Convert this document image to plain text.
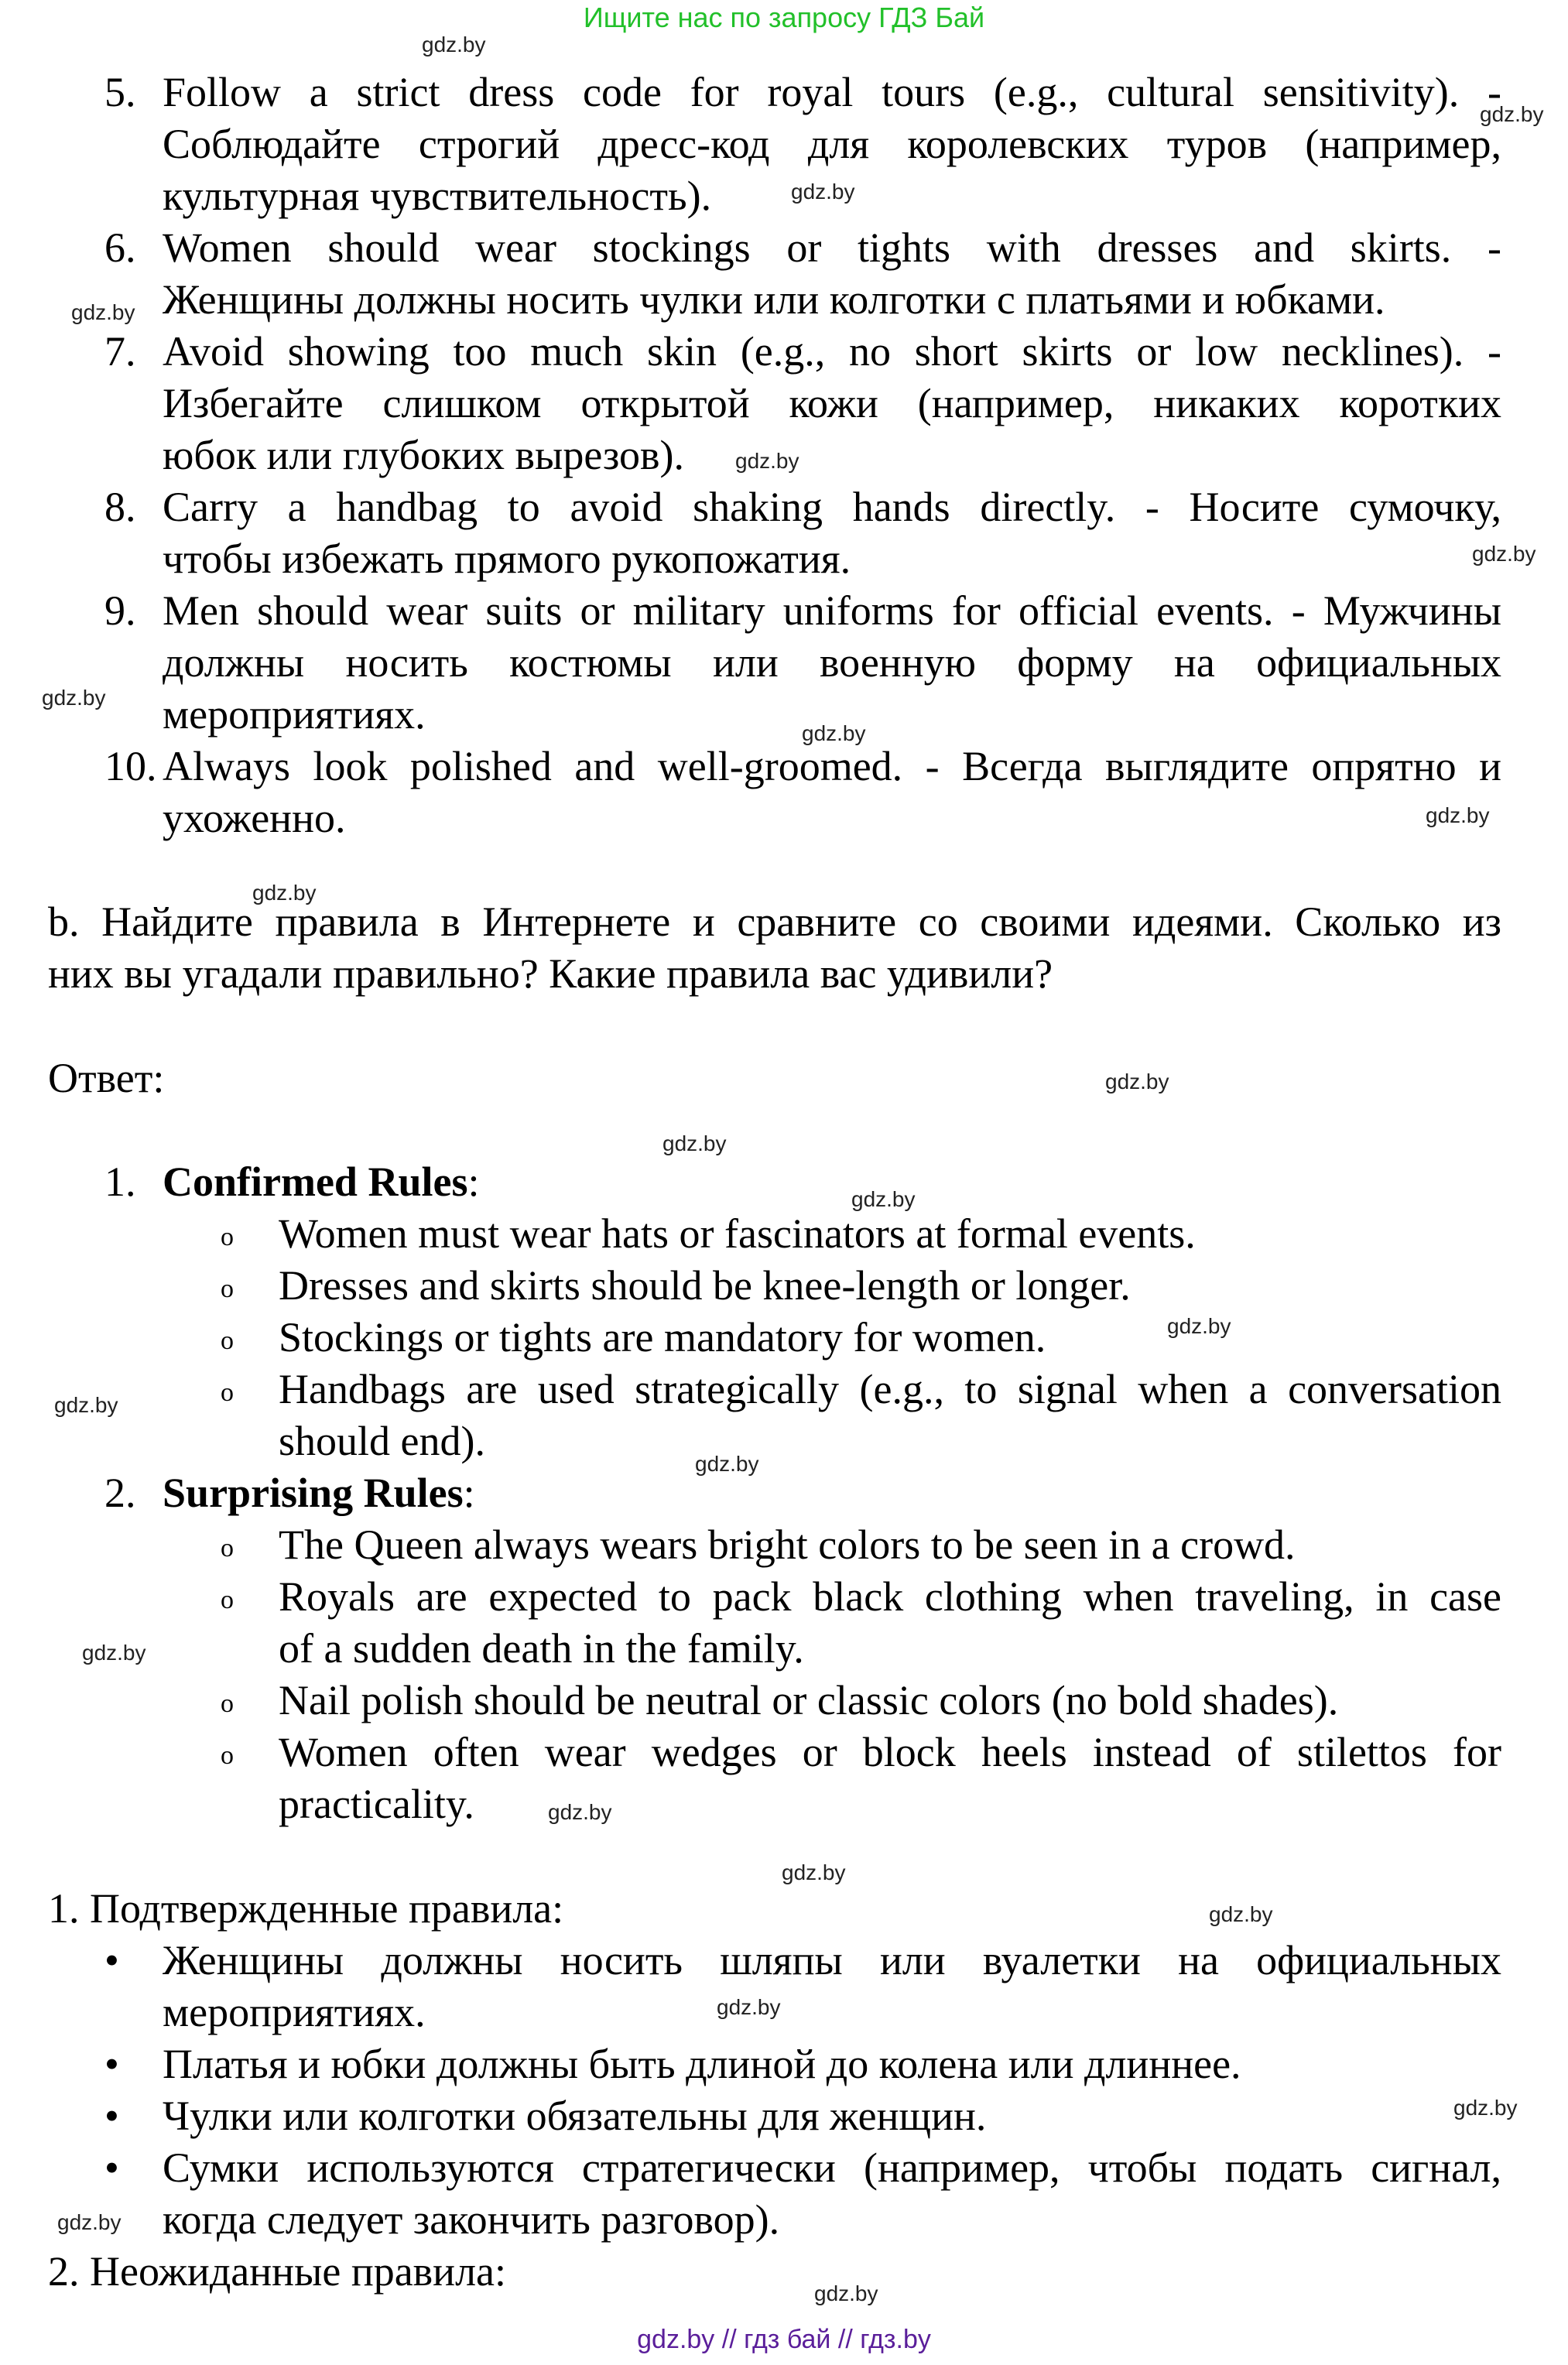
Ищите нас по запросу ГДЗ Бай
5. Follow a strict dress code for royal tours (e.g., cultural sensitivity). -
Соблюдайте строгий дресс-код для королевских туров (например,
культурная чувствительность).
6. Women should wear stockings or tights with dresses and skirts. -
Женщины должны носить чулки или колготки с платьями и юбками.
7. Avoid showing too much skin (e.g., no short skirts or low necklines). -
Избегайте слишком открытой кожи (например, никаких коротких
юбок или глубоких вырезов).
8. Carry a handbag to avoid shaking hands directly. - Носите сумочку,
чтобы избежать прямого рукопожатия.
9. Men should wear suits or military uniforms for official events. - Мужчины
должны носить костюмы или военную форму на официальных
мероприятиях.
10. Always look polished and well-groomed. - Всегда выглядите опрятно и
ухоженно.
b. Найдите правила в Интернете и сравните со своими идеями. Сколько из
них вы угадали правильно? Какие правила вас удивили?
Ответ:
1. Confirmed Rules:
o Women must wear hats or fascinators at formal events.
o Dresses and skirts should be knee-length or longer.
o Stockings or tights are mandatory for women.
o Handbags are used strategically (e.g., to signal when a conversation
should end).
2. Surprising Rules:
o The Queen always wears bright colors to be seen in a crowd.
o Royals are expected to pack black clothing when traveling, in case
of a sudden death in the family.
o Nail polish should be neutral or classic colors (no bold shades).
o Women often wear wedges or block heels instead of stilettos for
practicality.
1. Подтвержденные правила:
• Женщины должны носить шляпы или вуалетки на официальных
мероприятиях.
• Платья и юбки должны быть длиной до колена или длиннее.
• Чулки или колготки обязательны для женщин.
• Сумки используются стратегически (например, чтобы подать сигнал,
когда следует закончить разговор).
2. Неожиданные правила:
gdz.by
gdz.by
gdz.by
gdz.by
gdz.by
gdz.by
gdz.by
gdz.by
gdz.by
gdz.by
gdz.by
gdz.by
gdz.by
gdz.by
gdz.by
gdz.by
gdz.by
gdz.by
gdz.by
gdz.by
gdz.by
gdz.by
gdz.by
gdz.by
gdz.by // гдз бай // гдз.by
